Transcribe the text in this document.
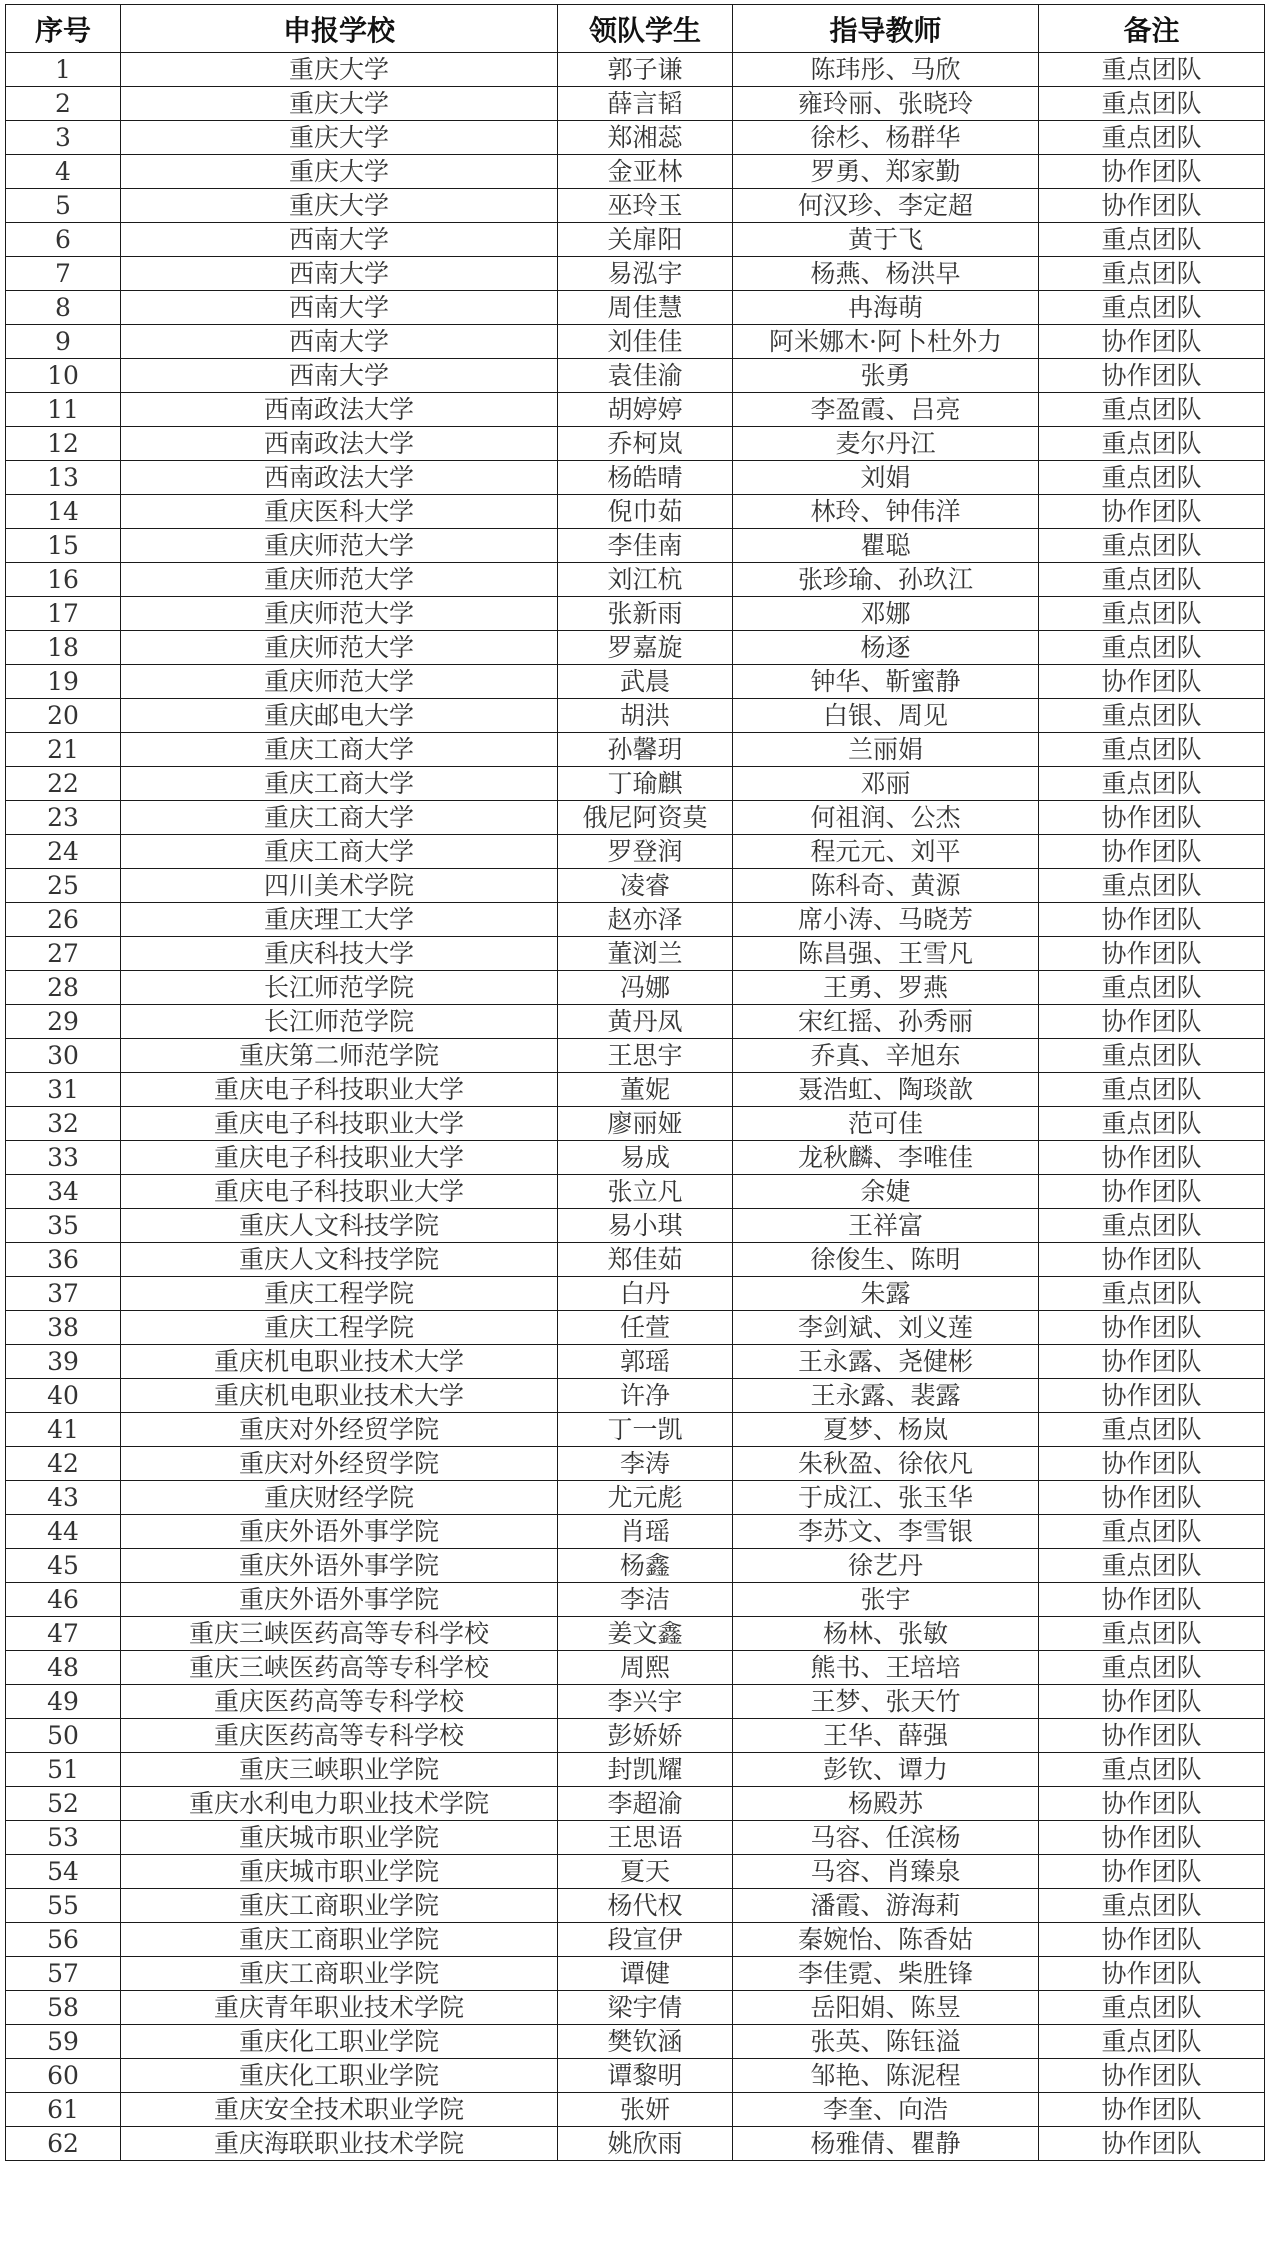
序号	申报学校	领队学生	指导教师	备注
1	重庆大学	郭子谦	陈玮彤、马欣	重点团队
2	重庆大学	薛言韬	雍玲丽、张晓玲	重点团队
3	重庆大学	郑湘蕊	徐杉、杨群华	重点团队
4	重庆大学	金亚林	罗勇、郑家勤	协作团队
5	重庆大学	巫玲玉	何汉珍、李定超	协作团队
6	西南大学	关扉阳	黄于飞	重点团队
7	西南大学	易泓宇	杨燕、杨洪早	重点团队
8	西南大学	周佳慧	冉海萌	重点团队
9	西南大学	刘佳佳	阿米娜木·阿卜杜外力	协作团队
10	西南大学	袁佳渝	张勇	协作团队
11	西南政法大学	胡婷婷	李盈霞、吕亮	重点团队
12	西南政法大学	乔柯岚	麦尔丹江	重点团队
13	西南政法大学	杨皓晴	刘娟	重点团队
14	重庆医科大学	倪巾茹	林玲、钟伟洋	协作团队
15	重庆师范大学	李佳南	瞿聪	重点团队
16	重庆师范大学	刘江杭	张珍瑜、孙玖江	重点团队
17	重庆师范大学	张新雨	邓娜	重点团队
18	重庆师范大学	罗嘉旋	杨逐	重点团队
19	重庆师范大学	武晨	钟华、靳蜜静	协作团队
20	重庆邮电大学	胡洪	白银、周见	重点团队
21	重庆工商大学	孙馨玥	兰丽娟	重点团队
22	重庆工商大学	丁瑜麒	邓丽	重点团队
23	重庆工商大学	俄尼阿资莫	何祖润、公杰	协作团队
24	重庆工商大学	罗登润	程元元、刘平	协作团队
25	四川美术学院	凌睿	陈科奇、黄源	重点团队
26	重庆理工大学	赵亦泽	席小涛、马晓芳	协作团队
27	重庆科技大学	董浏兰	陈昌强、王雪凡	协作团队
28	长江师范学院	冯娜	王勇、罗燕	重点团队
29	长江师范学院	黄丹凤	宋红摇、孙秀丽	协作团队
30	重庆第二师范学院	王思宇	乔真、辛旭东	重点团队
31	重庆电子科技职业大学	董妮	聂浩虹、陶琰歆	重点团队
32	重庆电子科技职业大学	廖丽娅	范可佳	重点团队
33	重庆电子科技职业大学	易成	龙秋麟、李唯佳	协作团队
34	重庆电子科技职业大学	张立凡	余婕	协作团队
35	重庆人文科技学院	易小琪	王祥富	重点团队
36	重庆人文科技学院	郑佳茹	徐俊生、陈明	协作团队
37	重庆工程学院	白丹	朱露	重点团队
38	重庆工程学院	任萱	李剑斌、刘义莲	协作团队
39	重庆机电职业技术大学	郭瑶	王永露、尧健彬	协作团队
40	重庆机电职业技术大学	许净	王永露、裴露	协作团队
41	重庆对外经贸学院	丁一凯	夏梦、杨岚	重点团队
42	重庆对外经贸学院	李涛	朱秋盈、徐依凡	协作团队
43	重庆财经学院	尤元彪	于成江、张玉华	协作团队
44	重庆外语外事学院	肖瑶	李苏文、李雪银	重点团队
45	重庆外语外事学院	杨鑫	徐艺丹	重点团队
46	重庆外语外事学院	李洁	张宇	协作团队
47	重庆三峡医药高等专科学校	姜文鑫	杨林、张敏	重点团队
48	重庆三峡医药高等专科学校	周熙	熊书、王培培	重点团队
49	重庆医药高等专科学校	李兴宇	王梦、张天竹	协作团队
50	重庆医药高等专科学校	彭娇娇	王华、薛强	协作团队
51	重庆三峡职业学院	封凯耀	彭钦、谭力	重点团队
52	重庆水利电力职业技术学院	李超渝	杨殿苏	协作团队
53	重庆城市职业学院	王思语	马容、任滨杨	协作团队
54	重庆城市职业学院	夏天	马容、肖臻泉	协作团队
55	重庆工商职业学院	杨代权	潘霞、游海莉	重点团队
56	重庆工商职业学院	段宣伊	秦婉怡、陈香姑	协作团队
57	重庆工商职业学院	谭健	李佳霓、柴胜锋	协作团队
58	重庆青年职业技术学院	梁宇倩	岳阳娟、陈昱	重点团队
59	重庆化工职业学院	樊钦涵	张英、陈钰溢	重点团队
60	重庆化工职业学院	谭黎明	邹艳、陈泥程	协作团队
61	重庆安全技术职业学院	张妍	李奎、向浩	协作团队
62	重庆海联职业技术学院	姚欣雨	杨雅倩、瞿静	协作团队
